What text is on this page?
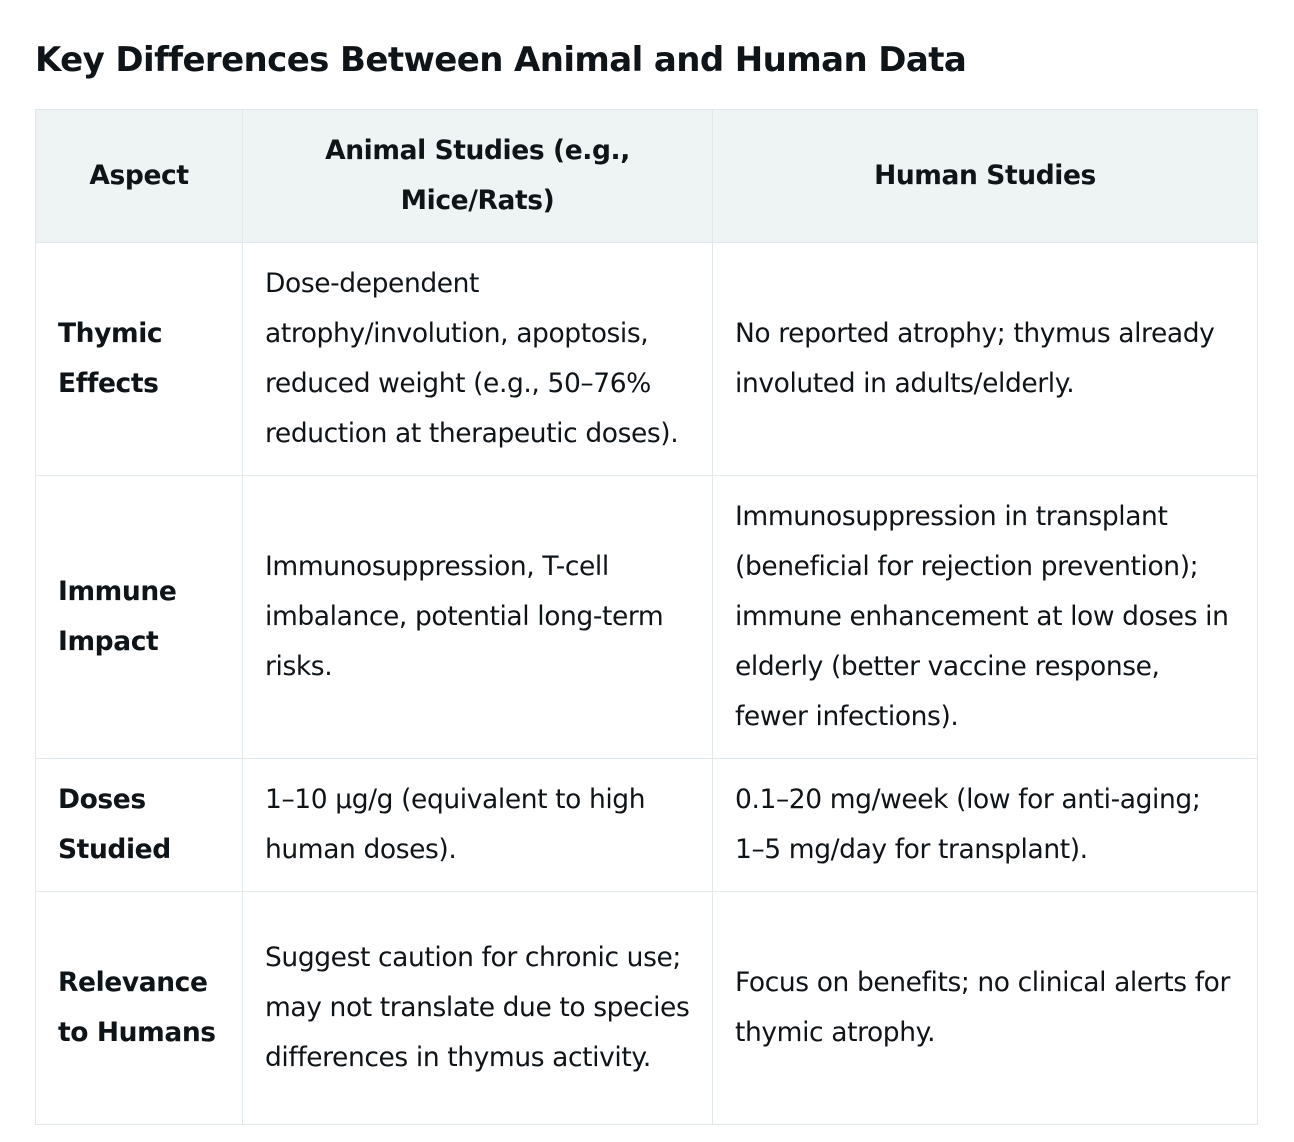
Key Differences Between Animal and Human Data
Aspect	Animal Studies (e.g., Mice/Rats)	Human Studies
Thymic Effects	Dose-dependent atrophy/involution, apoptosis, reduced weight (e.g., 50–76% reduction at therapeutic doses).	No reported atrophy; thymus already involuted in adults/elderly.
Immune Impact	Immunosuppression, T-cell imbalance, potential long-term risks.	Immunosuppression in transplant (beneficial for rejection prevention); immune enhancement at low doses in elderly (better vaccine response, fewer infections).
Doses Studied	1–10 μg/g (equivalent to high human doses).	0.1–20 mg/week (low for anti-aging; 1–5 mg/day for transplant).
Relevance to Humans	Suggest caution for chronic use; may not translate due to species differences in thymus activity.	Focus on benefits; no clinical alerts for thymic atrophy.
